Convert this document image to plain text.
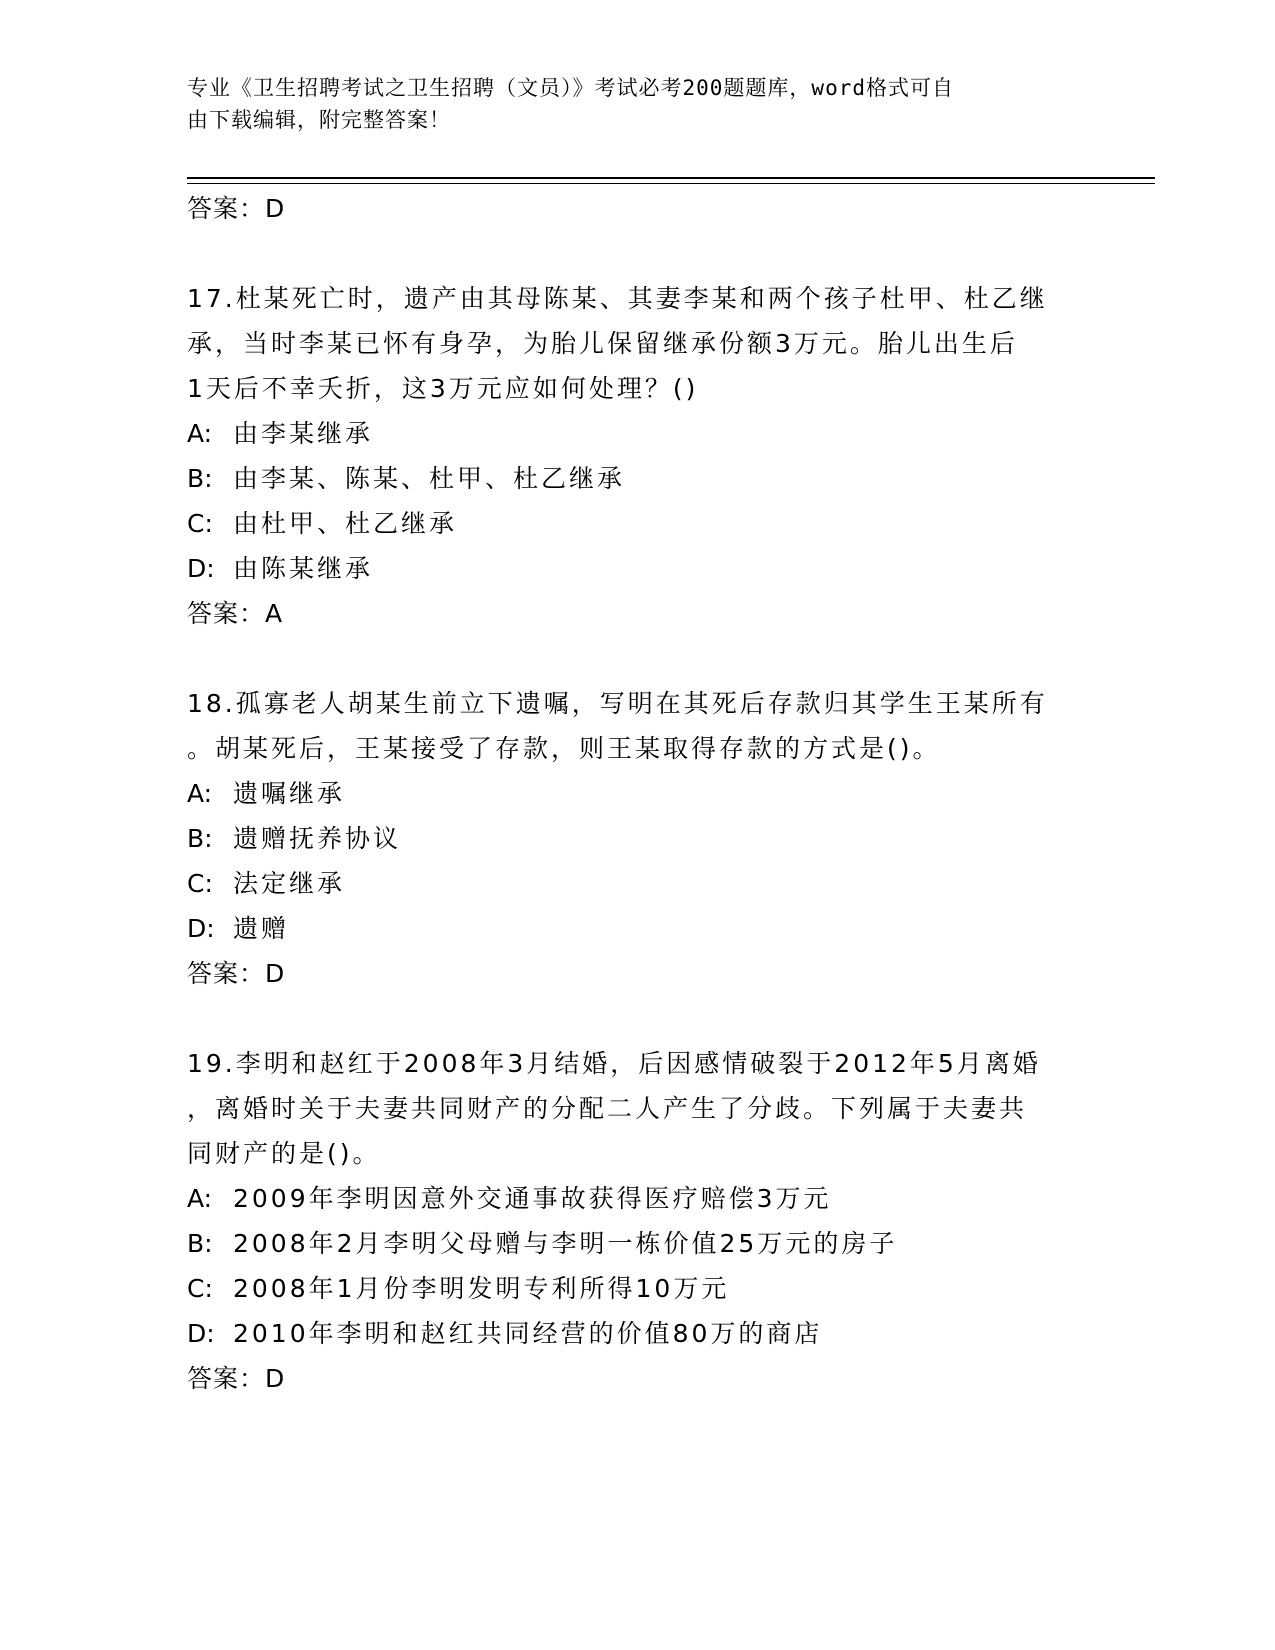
专业《卫生招聘考试之卫生招聘（文员）》考试必考200题题库，word格式可自
由下载编辑，附完整答案！
答案：D
17.杜某死亡时，遗产由其母陈某、其妻李某和两个孩子杜甲、杜乙继
承，当时李某已怀有身孕，为胎儿保留继承份额3万元。胎儿出生后
1天后不幸夭折，这3万元应如何处理？()
A: 由李某继承
B: 由李某、陈某、杜甲、杜乙继承
C: 由杜甲、杜乙继承
D: 由陈某继承
答案：A
18.孤寡老人胡某生前立下遗嘱，写明在其死后存款归其学生王某所有
。胡某死后，王某接受了存款，则王某取得存款的方式是()。
A: 遗嘱继承
B: 遗赠抚养协议
C: 法定继承
D: 遗赠
答案：D
19.李明和赵红于2008年3月结婚，后因感情破裂于2012年5月离婚
，离婚时关于夫妻共同财产的分配二人产生了分歧。下列属于夫妻共
同财产的是()。
A: 2009年李明因意外交通事故获得医疗赔偿3万元
B: 2008年2月李明父母赠与李明一栋价值25万元的房子
C: 2008年1月份李明发明专利所得10万元
D: 2010年李明和赵红共同经营的价值80万的商店
答案：D
